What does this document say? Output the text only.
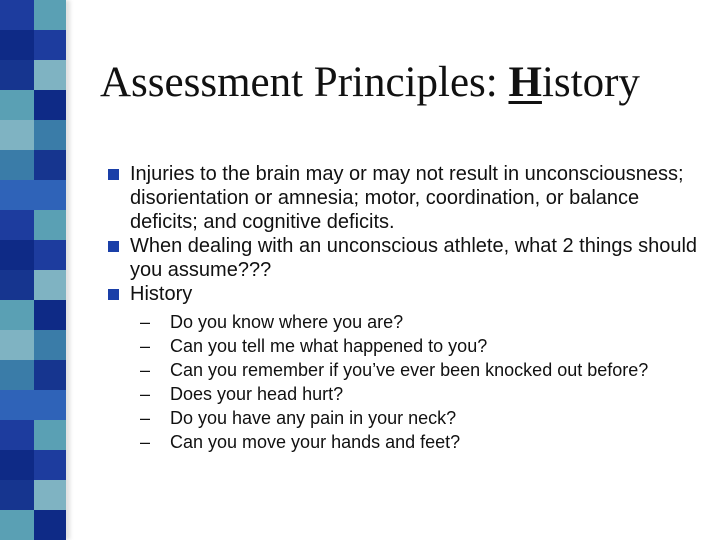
Assessment Principles: History
Injuries to the brain may or may not result in unconsciousness; disorientation or amnesia; motor, coordination, or balance deficits; and cognitive deficits.
When dealing with an unconscious athlete, what 2 things should you assume???
History
– Do you know where you are?
– Can you tell me what happened to you?
– Can you remember if you’ve ever been knocked out before?
– Does your head hurt?
– Do you have any pain in your neck?
– Can you move your hands and feet?
